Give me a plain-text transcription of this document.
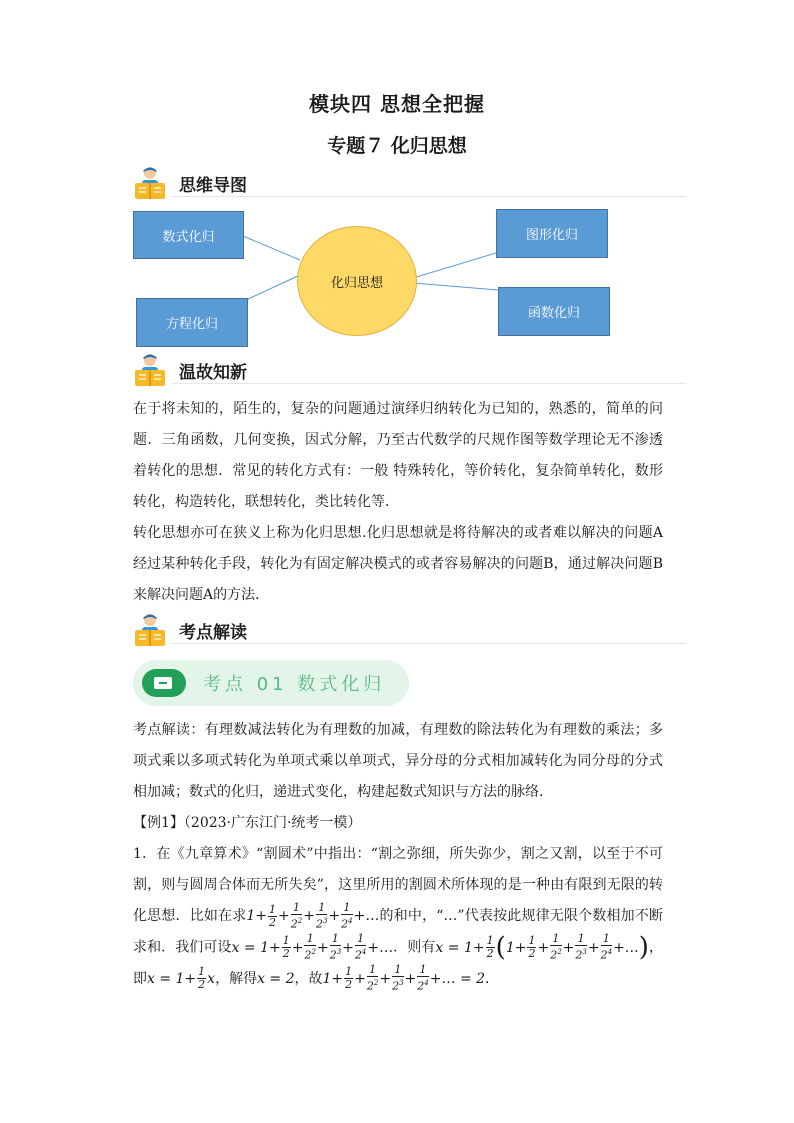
模块四 思想全把握
专题７ 化归思想
思维导图
数式化归
方程化归
图形化归
函数化归
化归思想
温故知新

在于将未知的，陌生的，复杂的问题通过演绎归纳转化为已知的，熟悉的，简单的问题．三角函数，几何变换，因式分解，乃至古代数学的尺规作图等数学理论无不渗透着转化的思想．常见的转化方式有：一般 特殊转化，等价转化，复杂简单转化，数形转化，构造转化，联想转化，类比转化等．

转化思想亦可在狭义上称为化归思想.化归思想就是将待解决的或者难以解决的问题A经过某种转化手段，转化为有固定解决模式的或者容易解决的问题B，通过解决问题B来解决问题A的方法．

考点解读
考点 01 数式化归

考点解读：有理数减法转化为有理数的加减，有理数的除法转化为有理数的乘法；多项式乘以多项式转化为单项式乘以单项式，异分母的分式相加减转化为同分母的分式相加减；数式的化归，递进式变化，构建起数式知识与方法的脉络．

【例1】（2023·广东江门·统考一模）

1．在《九章算术》“割圆术”中指出：“割之弥细，所失弥少，割之又割，以至于不可割，则与圆周合体而无所失矣”，这里所用的割圆术所体现的是一种由有限到无限的转化思想．比如在求$1+ \frac{1}{2} + \frac{1}{2^2} + \frac{1}{2^3} + \frac{1}{2^4}$ +…的和中，“…”代表按此规律无限个数相加不断求和．我们可设$x = 1+ \frac{1}{2} + \frac{1}{2^2} + \frac{1}{2^3} + \frac{1}{2^4}$ +…．则有$x = 1+ \frac{1}{2} (1+ \frac{1}{2} + \frac{1}{2^2} + \frac{1}{2^3} + \frac{1}{2^4}$ +…)，即$x = 1+ \frac{1}{2}$ x，解得x = 2，故$1+ \frac{1}{2} + \frac{1}{2^2} + \frac{1}{2^3} + \frac{1}{2^4}$ +… = 2．
